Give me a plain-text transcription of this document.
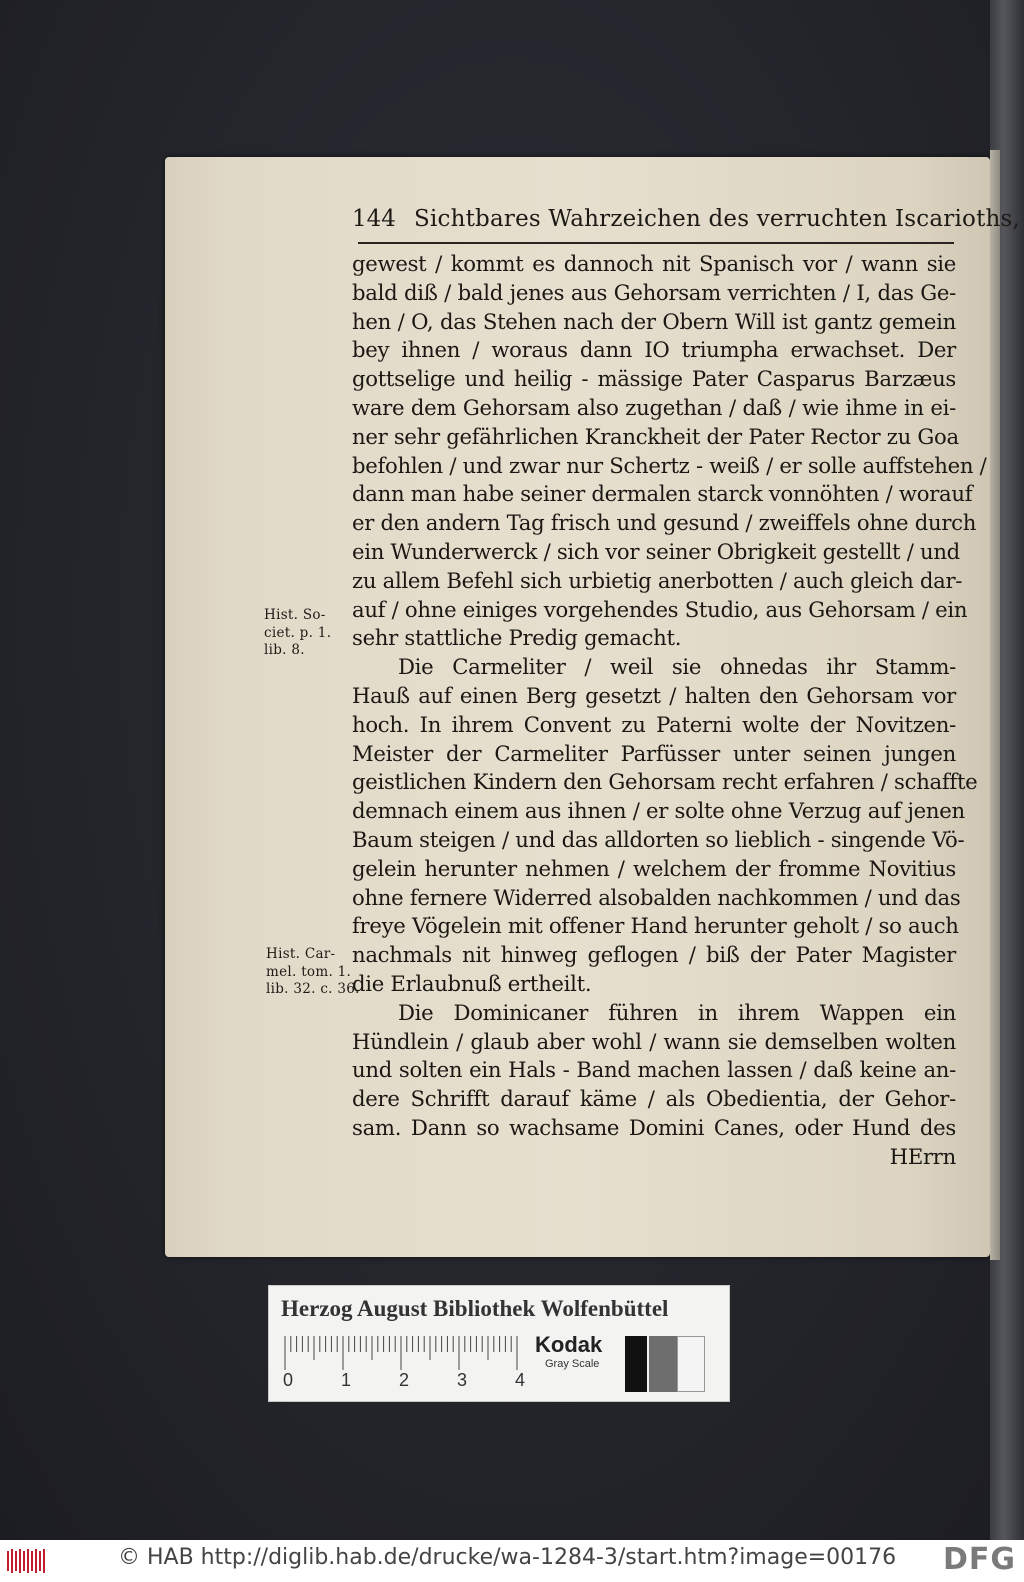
144 Sichtbares Wahrzeichen des verruchten Iscarioths,
gewest / kommt es dannoch nit Spanisch vor / wann sie
bald diß / bald jenes aus Gehorsam verrichten / I, das Ge-
hen / O, das Stehen nach der Obern Will ist gantz gemein
bey ihnen / woraus dann IO triumpha erwachset. Der
gottselige und heilig - mässige Pater Casparus Barzæus
ware dem Gehorsam also zugethan / daß / wie ihme in ei-
ner sehr gefährlichen Kranckheit der Pater Rector zu Goa
befohlen / und zwar nur Schertz - weiß / er solle auffstehen /
dann man habe seiner dermalen starck vonnöhten / worauf
er den andern Tag frisch und gesund / zweiffels ohne durch
ein Wunderwerck / sich vor seiner Obrigkeit gestellt / und
zu allem Befehl sich urbietig anerbotten / auch gleich dar-
auf / ohne einiges vorgehendes Studio, aus Gehorsam / ein
sehr stattliche Predig gemacht.
Die Carmeliter / weil sie ohnedas ihr Stamm-
Hauß auf einen Berg gesetzt / halten den Gehorsam vor
hoch. In ihrem Convent zu Paterni wolte der Novitzen-
Meister der Carmeliter Parfüsser unter seinen jungen
geistlichen Kindern den Gehorsam recht erfahren / schaffte
demnach einem aus ihnen / er solte ohne Verzug auf jenen
Baum steigen / und das alldorten so lieblich - singende Vö-
gelein herunter nehmen / welchem der fromme Novitius
ohne fernere Widerred alsobalden nachkommen / und das
freye Vögelein mit offener Hand herunter geholt / so auch
nachmals nit hinweg geflogen / biß der Pater Magister
die Erlaubnuß ertheilt.
Die Dominicaner führen in ihrem Wappen ein
Hündlein / glaub aber wohl / wann sie demselben wolten
und solten ein Hals - Band machen lassen / daß keine an-
dere Schrifft darauf käme / als Obedientia, der Gehor-
sam. Dann so wachsame Domini Canes, oder Hund des
HErrn
Hist. So-
ciet. p. 1.
lib. 8.
Hist. Car-
mel. tom. 1.
lib. 32. c. 36.
Herzog August Bibliothek Wolfenbüttel
0	1	2	3	4
Kodak
Gray Scale
© HAB http://diglib.hab.de/drucke/wa-1284-3/start.htm?image=00176 DFG
